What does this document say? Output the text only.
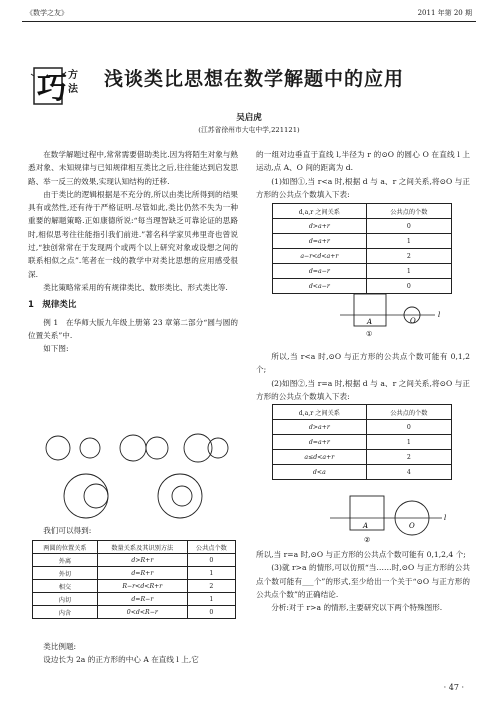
《数学之友》	2011 年第 20 期
巧 方法 浅谈类比思想在数学解题中的应用
吴启虎
(江苏省徐州市大屯中学,221121)

在数学解题过程中,常常需要借助类比.因为将陌生对象与熟悉对象、未知规律与已知规律相互类比之后,往往能达到启发思路、举一反三的效果,实现认知结构的迁移.

由于类比的逻辑根据是不充分的,所以由类比所得到的结果具有或然性,还有待于严格证明.尽管如此,类比仍然不失为一种重要的解题策略.正如康德所说:“每当理智缺乏可靠论证的思路时,相似思考往往能指引我们前进.”著名科学家贝弗里奇也曾说过,“独创常常在于发现两个或两个以上研究对象或设想之间的联系相似之点”.笔者在一线的教学中对类比思想的应用感受很深.

类比策略常采用的有规律类比、数形类比、形式类比等.

1　规律类比

例 1　在华师大版九年级上册第 23 章第二部分“圆与圆的位置关系”中.

如下图:

我们可以得到:

两圆的位置关系	数量关系及其识别方法	公共点个数
外离	d>R+r	0
外切	d=R+r	1
相交	R−r<d<R+r	2
内切	d=R−r	1
内含	0<d<R−r	0

类比例题:

设边长为 2a 的正方形的中心 A 在直线 l 上,它

的一组对边垂直于直线 l,半径为 r 的⊙O 的圆心 O 在直线 l 上运动,点 A、O 间的距离为 d.

(1)如图①,当 r<a 时,根据 d 与 a、r 之间关系,将⊙O 与正方形的公共点个数填入下表:

d,a,r 之间关系	公共点的个数
d>a+r	0
d=a+r	1
a−r<d<a+r	2
d=a−r	1
d<a−r	0
A	O
l
①

所以,当 r<a 时,⊙O 与正方形的公共点个数可能有 0,1,2 个;

(2)如图②,当 r=a 时,根据 d 与 a、r 之间关系,将⊙O 与正方形的公共点个数填入下表:

d,a,r 之间关系	公共点的个数
d>a+r	0
d=a+r	1
a≤d<a+r	2
d<a	4
A	O
l
②

所以,当 r=a 时,⊙O 与正方形的公共点个数可能有 0,1,2,4 个;

(3)就 r>a 的情形,可以仿照“当……时,⊙O 与正方形的公共点个数可能有___个”的形式,至少给出一个关于“⊙O 与正方形的公共点个数”的正确结论.

分析:对于 r>a 的情形,主要研究以下两个特殊图形.

· 47 ·
